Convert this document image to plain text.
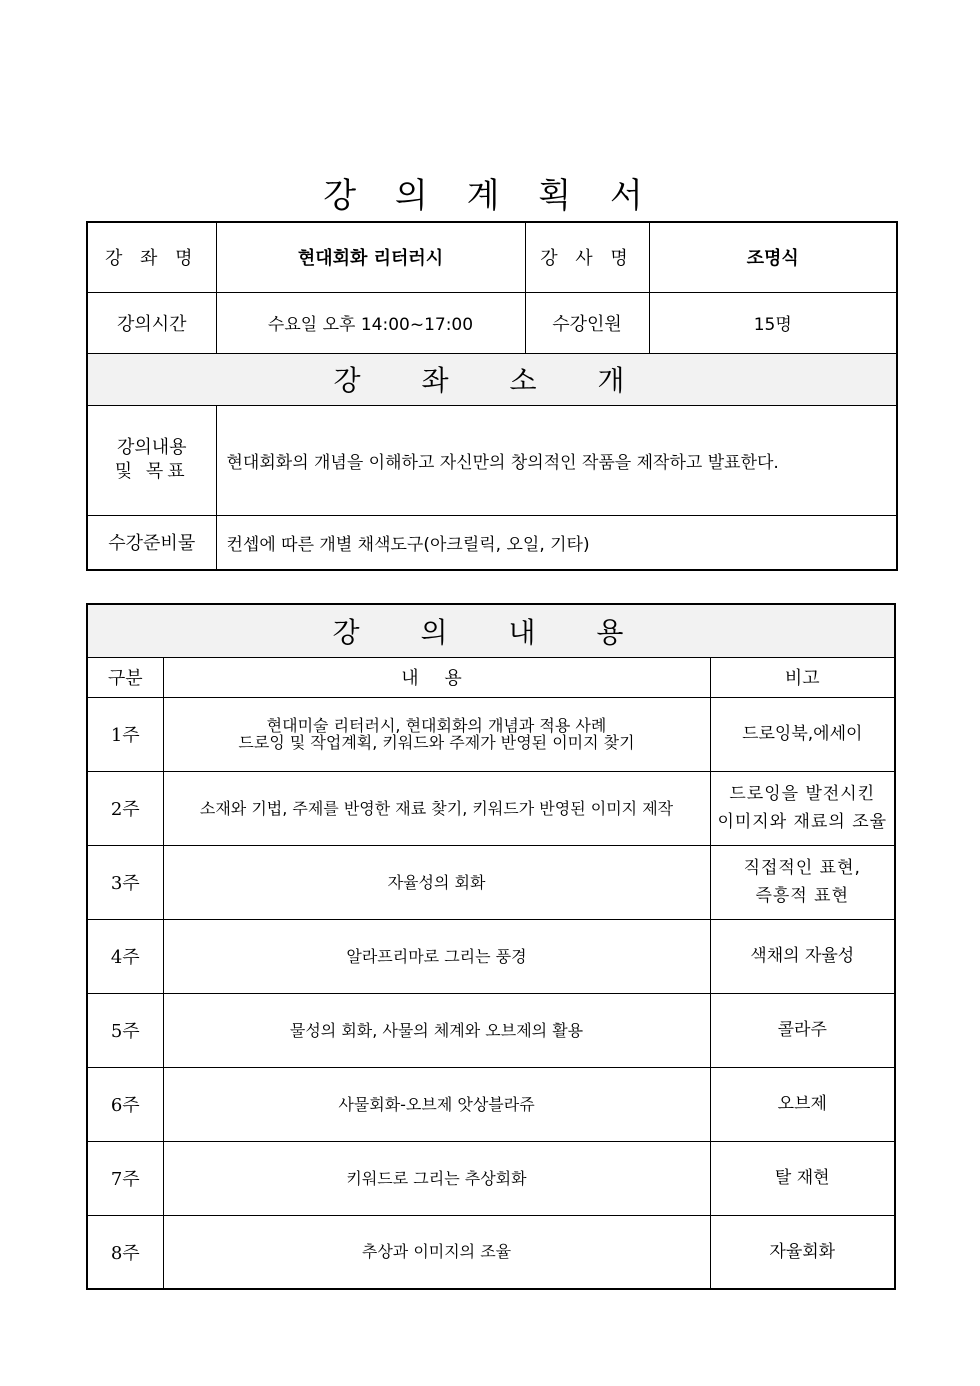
강 의 계 획 서
강 좌 명	현대회화 리터러시	강 사 명	조명식
강의시간	수요일 오후 14:00~17:00	수강인원	15명
강 좌 소 개			

강의내용
및 목표	현대회화의 개념을 이해하고 자신만의 창의적인 작품을 제작하고 발표한다.		
수강준비물	컨셉에 따른 개별 채색도구(아크릴릭, 오일, 기타)		
강 의 내 용		
구분	내 용	비고
1주	현대미술 리터러시, 현대회화의 개념과 적용 사례
드로잉 및 작업계획, 키워드와 주제가 반영된 이미지 찾기	드로잉북,에세이
2주	소재와 기법, 주제를 반영한 재료 찾기, 키워드가 반영된 이미지 제작	드로잉을 발전시킨
이미지와 재료의 조율

3주	자율성의 회화	직접적인 표현,
즉흥적 표현

4주	알라프리마로 그리는 풍경	색채의 자율성
5주	물성의 회화, 사물의 체계와 오브제의 활용	콜라주
6주	사물회화-오브제 앗상블라쥬	오브제
7주	키워드로 그리는 추상회화	탈 재현
8주	추상과 이미지의 조율	자율회화
